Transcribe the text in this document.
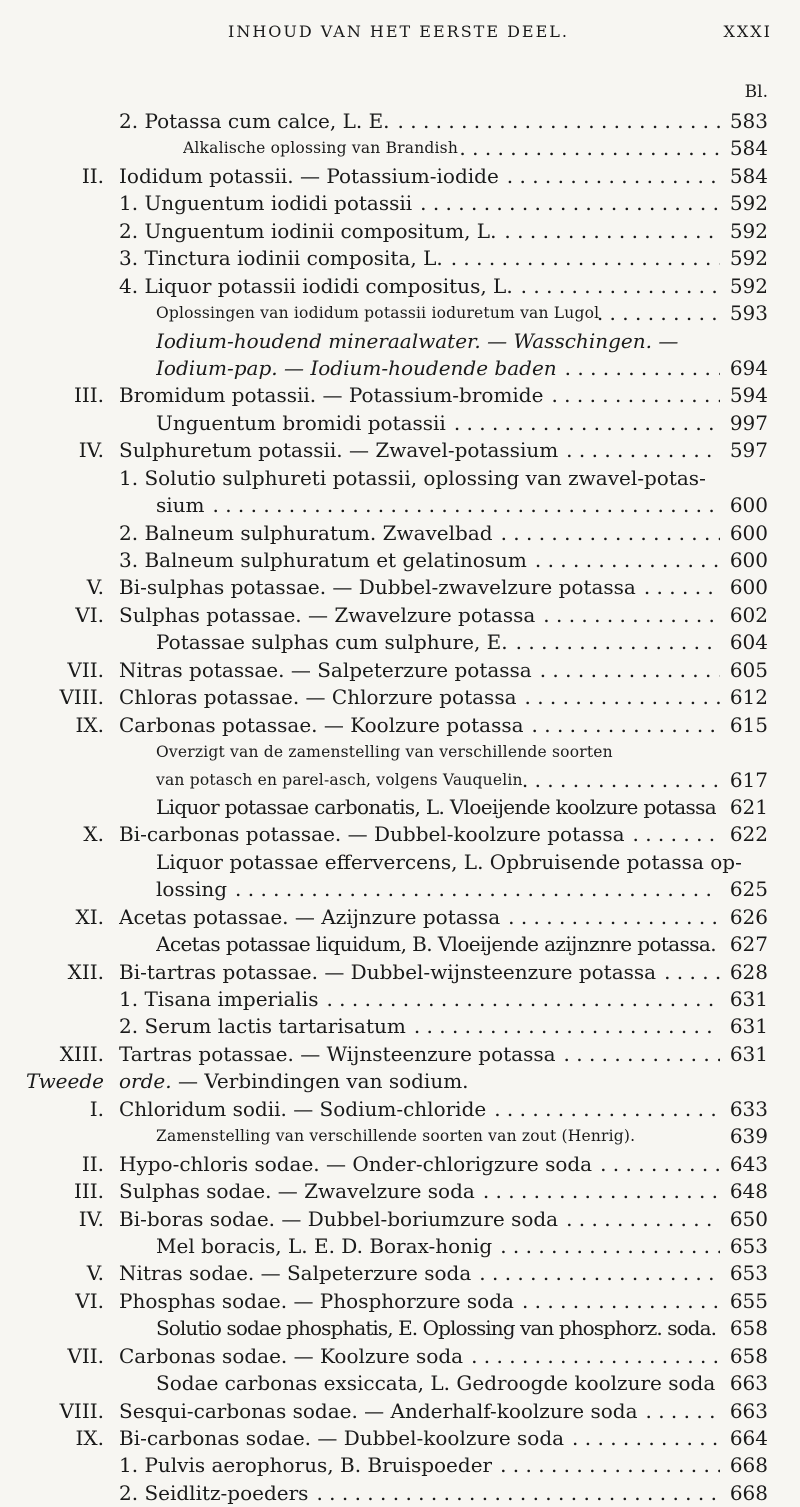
INHOUD VAN HET EERSTE DEEL.	XXXI
Bl.
2. Potassa cum calce, L. E. . . .	583
Alkalische oplossing van Brandish . . .	584
II. Iodidum potassii. — Potassium-iodide . . .	584
1. Unguentum iodidi potassii . . .	592
2. Unguentum iodinii compositum, L. . . .	592
3. Tinctura iodinii composita, L. . . .	592
4. Liquor potassii iodidi compositus, L. . . .	592
Oplossingen van iodidum potassii ioduretum van Lugol . . .	593
Iodium-houdend mineraalwater. — Wasschingen. —
Iodium-pap. — Iodium-houdende baden . . .	694
III. Bromidum potassii. — Potassium-bromide . . .	594
Unguentum bromidi potassii . . .	997
IV. Sulphuretum potassii. — Zwavel-potassium . . .	597
1. Solutio sulphureti potassii, oplossing van zwavel-potas-
sium . . .	600
2. Balneum sulphuratum. Zwavelbad . . .	600
3. Balneum sulphuratum et gelatinosum . . .	600
V. Bi-sulphas potassae. — Dubbel-zwavelzure potassa . . .	600
VI. Sulphas potassae. — Zwavelzure potassa . . .	602
Potassae sulphas cum sulphure, E. . . .	604
VII. Nitras potassae. — Salpeterzure potassa . . .	605
VIII. Chloras potassae. — Chlorzure potassa . . .	612
IX. Carbonas potassae. — Koolzure potassa . . .	615
Overzigt van de zamenstelling van verschillende soorten
van potasch en parel-asch, volgens Vauquelin . . .	617
Liquor potassae carbonatis, L. Vloeijende koolzure potassa 621
X. Bi-carbonas potassae. — Dubbel-koolzure potassa . . .	622
Liquor potassae effervercens, L. Opbruisende potassa op-
lossing . . .	625
XI. Acetas potassae. — Azijnzure potassa . . .	626
Acetas potassae liquidum, B. Vloeijende azijnznre potassa. 627
XII. Bi-tartras potassae. — Dubbel-wijnsteenzure potassa . . .	628
1. Tisana imperialis . . .	631
2. Serum lactis tartarisatum . . .	631
XIII. Tartras potassae. — Wijnsteenzure potassa . . .	631
Tweede orde. — Verbindingen van sodium.
I. Chloridum sodii. — Sodium-chloride . . .	633
Zamenstelling van verschillende soorten van zout (Henrig).	639
II. Hypo-chloris sodae. — Onder-chlorigzure soda . . .	643
III. Sulphas sodae. — Zwavelzure soda . . .	648
IV. Bi-boras sodae. — Dubbel-boriumzure soda . . .	650
Mel boracis, L. E. D. Borax-honig . . .	653
V. Nitras sodae. — Salpeterzure soda . . .	653
VI. Phosphas sodae. — Phosphorzure soda . . .	655
Solutio sodae phosphatis, E. Oplossing van phosphorz. soda. 658
VII. Carbonas sodae. — Koolzure soda . . .	658
Sodae carbonas exsiccata, L. Gedroogde koolzure soda 663
VIII. Sesqui-carbonas sodae. — Anderhalf-koolzure soda . . .	663
IX. Bi-carbonas sodae. — Dubbel-koolzure soda . . .	664
1. Pulvis aerophorus, B. Bruispoeder . . .	668
2. Seidlitz-poeders . . .	668
